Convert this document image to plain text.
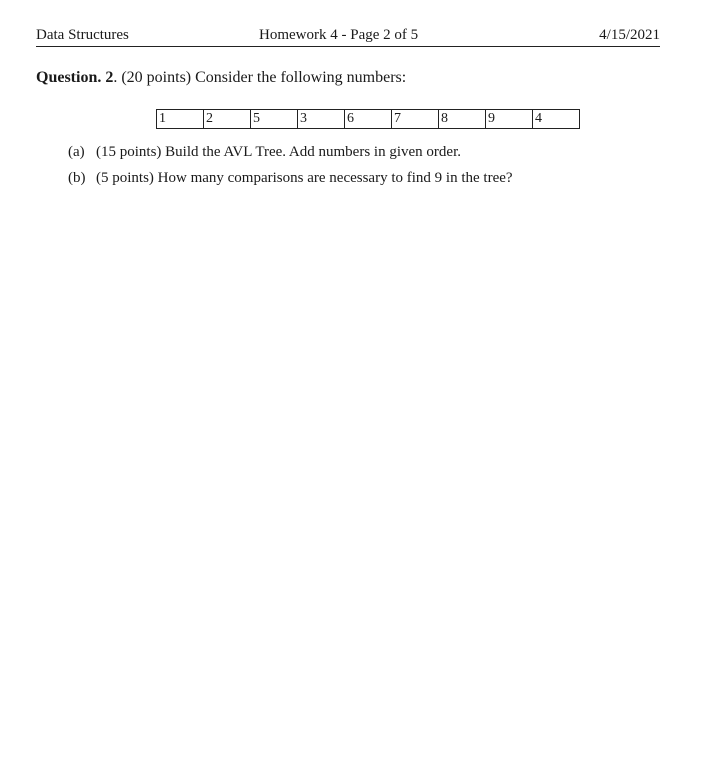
Data Structures	Homework 4 - Page 2 of 5	4/15/2021
Question. 2. (20 points) Consider the following numbers:
1	2	5	3	6	7	8	9	4
(a) (15 points) Build the AVL Tree. Add numbers in given order.
(b) (5 points) How many comparisons are necessary to find 9 in the tree?
